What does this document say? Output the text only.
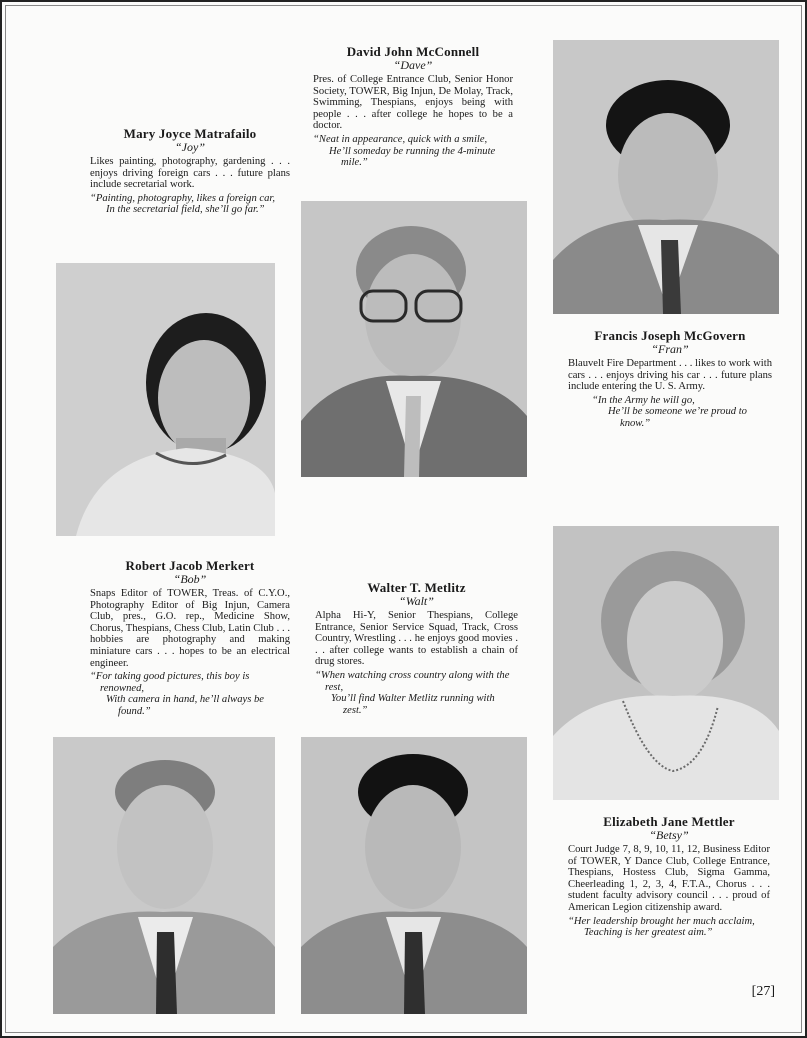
Mary Joyce Matrafailo
“Joy”
Likes painting, photography, gardening . . . enjoys driving foreign cars . . . future plans include secretarial work.
“Painting, photography, likes a foreign car,
In the secretarial field, she’ll go far.”
David John McConnell
“Dave”
Pres. of College Entrance Club, Senior Honor Society, TOWER, Big Injun, De Molay, Track, Swimming, Thespians, enjoys being with people . . . after college he hopes to be a doctor.
“Neat in appearance, quick with a smile,
He’ll someday be running the 4-minute mile.”
Francis Joseph McGovern
“Fran”
Blauvelt Fire Department . . . likes to work with cars . . . enjoys driving his car . . . future plans include entering the U. S. Army.
“In the Army he will go,
He’ll be someone we’re proud to know.”
Robert Jacob Merkert
“Bob”
Snaps Editor of TOWER, Treas. of C.Y.O., Photography Editor of Big Injun, Camera Club, pres., G.O. rep., Medicine Show, Chorus, Thespians, Chess Club, Latin Club . . . hobbies are photography and making miniature cars . . . hopes to be an electrical engineer.
“For taking good pictures, this boy is renowned,
With camera in hand, he’ll always be found.”
Walter T. Metlitz
“Walt”
Alpha Hi-Y, Senior Thespians, College Entrance, Senior Service Squad, Track, Cross Country, Wrestling . . . he enjoys good movies . . . after college wants to establish a chain of drug stores.
“When watching cross country along with the rest,
You’ll find Walter Metlitz running with zest.”
Elizabeth Jane Mettler
“Betsy”
Court Judge 7, 8, 9, 10, 11, 12, Business Editor of TOWER, Y Dance Club, College Entrance, Thespians, Hostess Club, Sigma Gamma, Cheerleading 1, 2, 3, 4, F.T.A., Chorus . . . student faculty advisory council . . . proud of American Legion citizenship award.
“Her leadership brought her much acclaim,
Teaching is her greatest aim.”
[27]
